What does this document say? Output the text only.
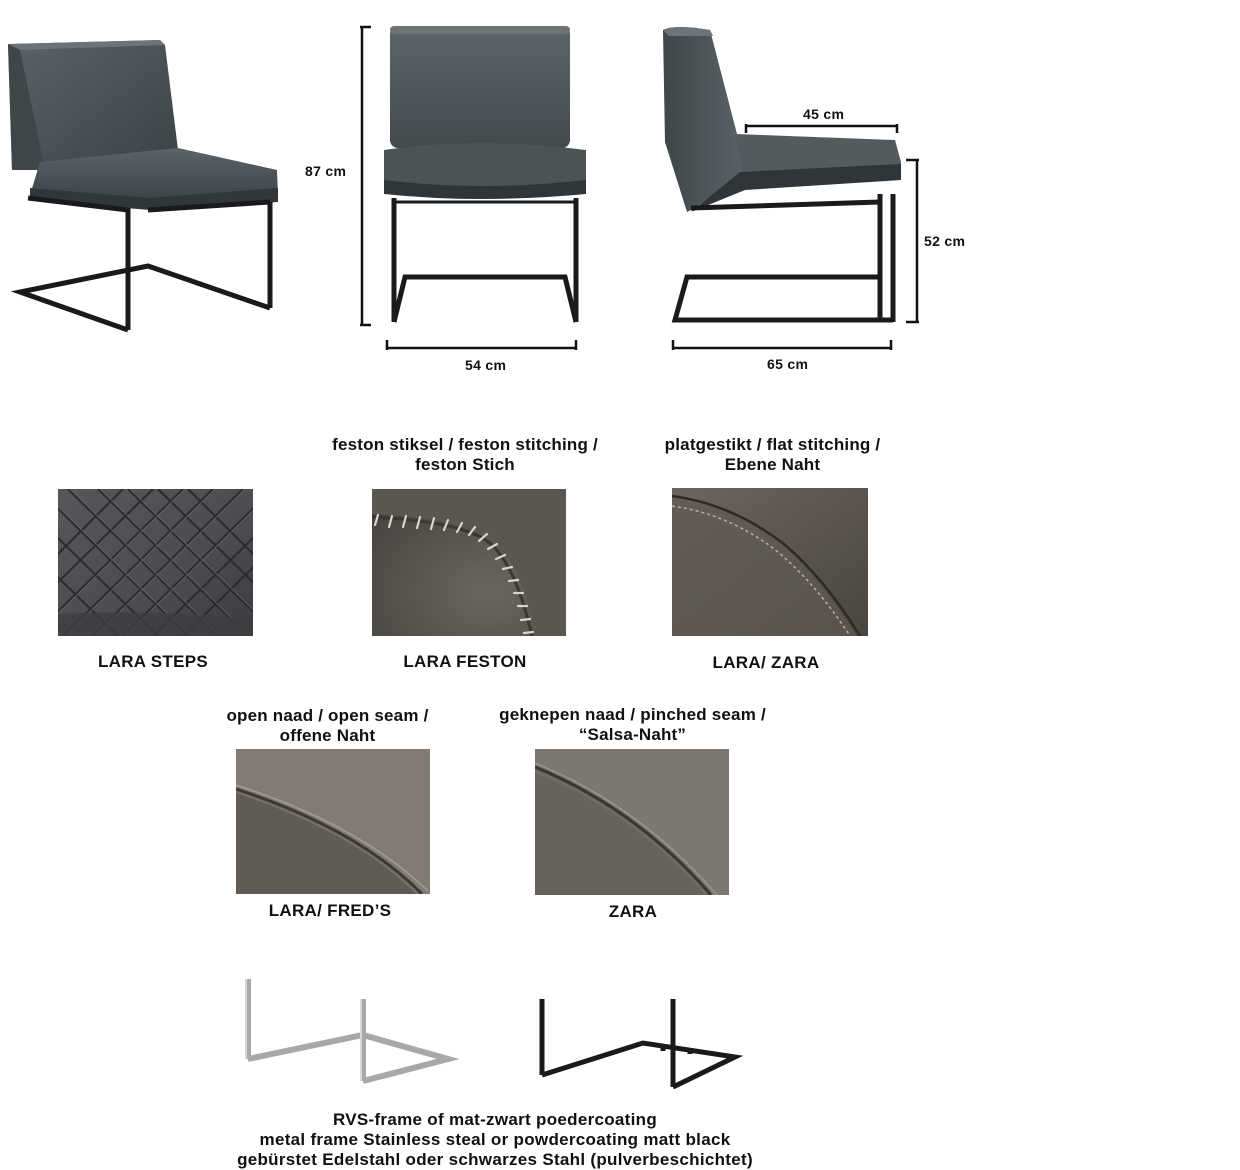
87 cm
54 cm
45 cm
52 cm
65 cm
feston stiksel / feston stitching /
feston Stich
platgestikt / flat stitching /
Ebene Naht
LARA STEPS	LARA FESTON	LARA/ ZARA
open naad / open seam /
offene Naht
geknepen naad / pinched seam /
“Salsa-Naht”
LARA/ FRED’S	ZARA
RVS-frame of mat-zwart poedercoating
metal frame Stainless steal or powdercoating matt black
gebürstet Edelstahl oder schwarzes Stahl (pulverbeschichtet)
